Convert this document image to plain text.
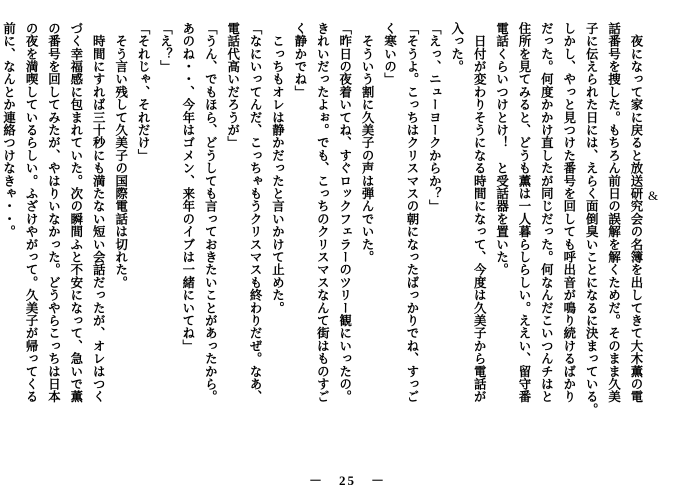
　夜になって家に戻ると放送研究会の名簿を出してきて大木薫の電
話番号を捜した。もちろん前日の誤解を解くためだ。そのまま久美
子に伝えられた日には、えらく面倒臭いことになるに決まっている。
しかし、やっと見つけた番号を回しても呼出音が鳴り続けるばかり
だった。何度かかけ直したが同じだった。何なんだこいつんチはと
住所を見てみると、どうも薫は一人暮らしらしい。ええい、留守番
電話くらいつけとけ！　と受話器を置いた。
　日付が変わりそうになる時間になって、今度は久美子から電話が
入った。
「えっ、ニューヨークからか？」
「そうよ。こっちはクリスマスの朝になったばっかりでね、すっご
く寒いの」
　そういう割に久美子の声は弾んでいた。
「昨日の夜着いてね、すぐロックフェラーのツリー観にいったの。
きれいだったよぉ。でも、こっちのクリスマスなんて街はものすご
く静かでね」
　こっちもオレは静かだったと言いかけて止めた。
「なにいってんだ、こっちゃもうクリスマスも終わりだぜ。なあ、
電話代高いだろうが」
「うん、でもほら、どうしても言っておきたいことがあったから。
あのね・・、今年はゴメン、来年のイブは一緒にいてね」
「え？」
「それじゃ、それだけ」
　そう言い残して久美子の国際電話は切れた。
　時間にすれば三十秒にも満たない短い会話だったが、オレはつく
づく幸福感に包まれていた。次の瞬間ふと不安になって、急いで薫
の番号を回してみたが、やはりいなかった。どうやらこっちは日本
の夜を満喫しているらしい。ふざけやがって。久美子が帰ってくる
前に、なんとか連絡つけなきゃ・・。	&
－　25　－
